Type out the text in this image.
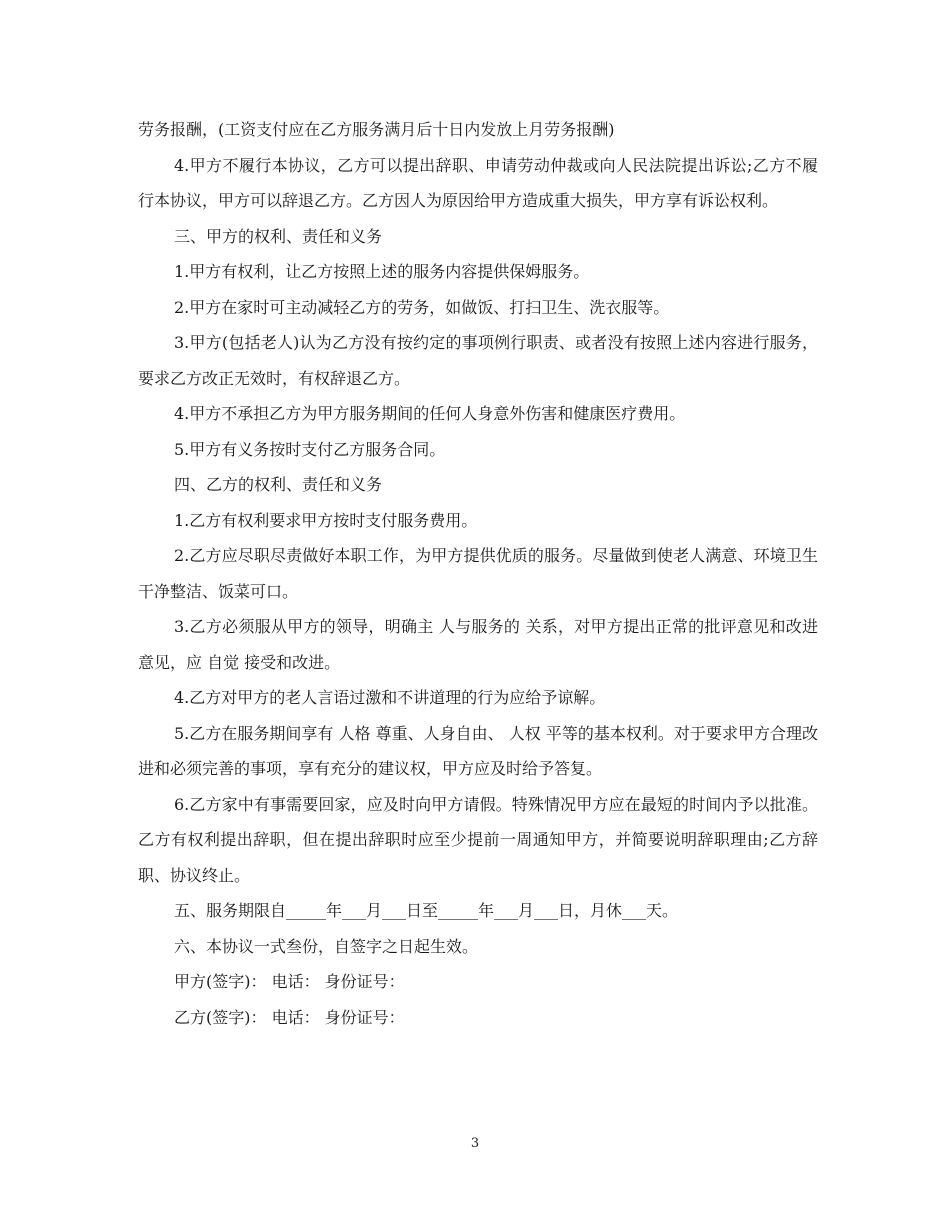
劳务报酬，(工资支付应在乙方服务满月后十日内发放上月劳务报酬)

4.甲方不履行本协议，乙方可以提出辞职、申请劳动仲裁或向人民法院提出诉讼;乙方不履行本协议，甲方可以辞退乙方。乙方因人为原因给甲方造成重大损失，甲方享有诉讼权利。

三、甲方的权利、责任和义务

1.甲方有权利，让乙方按照上述的服务内容提供保姆服务。

2.甲方在家时可主动减轻乙方的劳务，如做饭、打扫卫生、洗衣服等。

3.甲方(包括老人)认为乙方没有按约定的事项例行职责、或者没有按照上述内容进行服务，要求乙方改正无效时，有权辞退乙方。

4.甲方不承担乙方为甲方服务期间的任何人身意外伤害和健康医疗费用。

5.甲方有义务按时支付乙方服务合同。

四、乙方的权利、责任和义务

1.乙方有权利要求甲方按时支付服务费用。

2.乙方应尽职尽责做好本职工作，为甲方提供优质的服务。尽量做到使老人满意、环境卫生干净整洁、饭菜可口。

3.乙方必须服从甲方的领导，明确主 人与服务的 关系，对甲方提出正常的批评意见和改进意见，应 自觉 接受和改进。

4.乙方对甲方的老人言语过激和不讲道理的行为应给予谅解。

5.乙方在服务期间享有 人格 尊重、人身自由、 人权 平等的基本权利。对于要求甲方合理改进和必须完善的事项，享有充分的建议权，甲方应及时给予答复。

6.乙方家中有事需要回家，应及时向甲方请假。特殊情况甲方应在最短的时间内予以批准。乙方有权利提出辞职，但在提出辞职时应至少提前一周通知甲方，并简要说明辞职理由;乙方辞职、协议终止。

五、服务期限自_____年___月___日至_____年___月___日，月休___天。

六、本协议一式叁份，自签字之日起生效。

甲方(签字)： 电话： 身份证号：

乙方(签字)： 电话： 身份证号：

3
